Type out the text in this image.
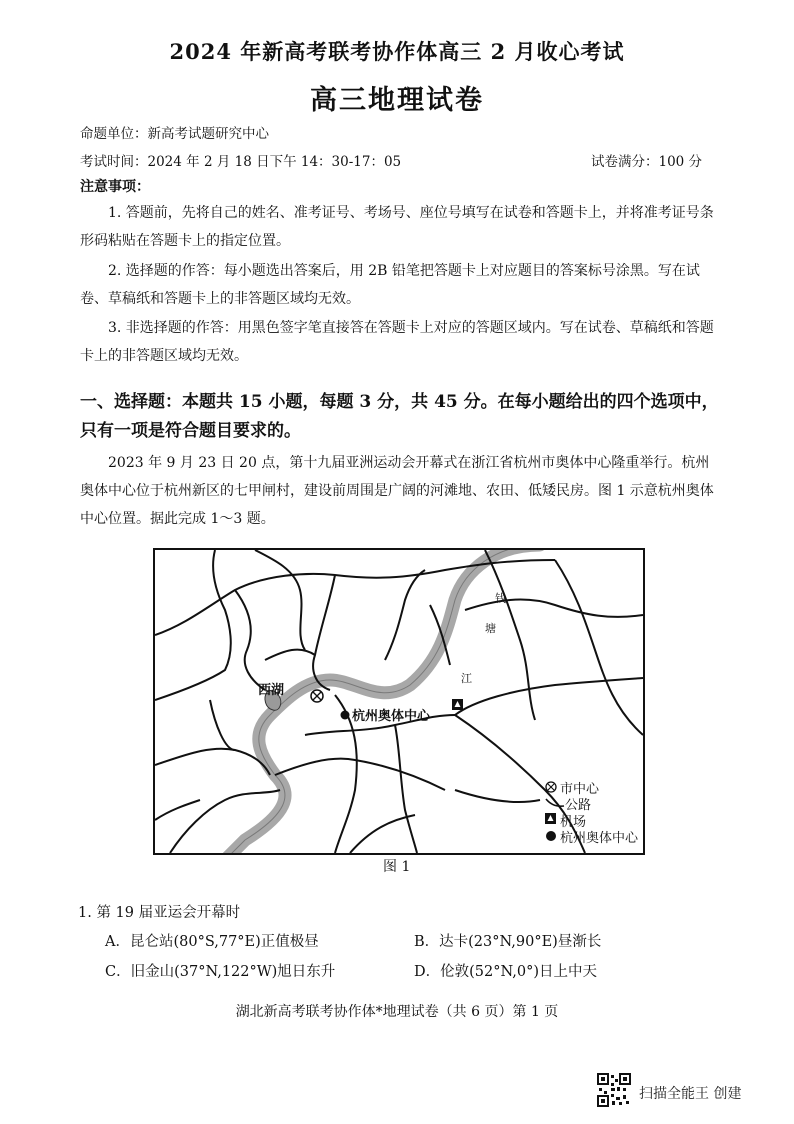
2024 年新高考联考协作体高三 2 月收心考试
高三地理试卷
命题单位：新高考试题研究中心
考试时间：2024 年 2 月 18 日下午 14：30-17：05	试卷满分：100 分
注意事项：
1. 答题前，先将自己的姓名、准考证号、考场号、座位号填写在试卷和答题卡上，并将准考证号条形码粘贴在答题卡上的指定位置。
2. 选择题的作答：每小题选出答案后，用 2B 铅笔把答题卡上对应题目的答案标号涂黑。写在试卷、草稿纸和答题卡上的非答题区域均无效。
3. 非选择题的作答：用黑色签字笔直接答在答题卡上对应的答题区域内。写在试卷、草稿纸和答题卡上的非答题区域均无效。
一、选择题：本题共 15 小题，每题 3 分，共 45 分。在每小题给出的四个选项中，只有一项是符合题目要求的。
2023 年 9 月 23 日 20 点，第十九届亚洲运动会开幕式在浙江省杭州市奥体中心隆重举行。杭州奥体中心位于杭州新区的七甲闸村，建设前周围是广阔的河滩地、农田、低矮民房。图 1 示意杭州奥体中心位置。据此完成 1～3 题。
西湖
杭州奥体中心
钱
塘
江
市中心
公路
机场
杭州奥体中心
图 1
1. 第 19 届亚运会开幕时
A．昆仑站(80°S,77°E)正值极昼	B．达卡(23°N,90°E)昼渐长
C．旧金山(37°N,122°W)旭日东升	D．伦敦(52°N,0°)日上中天
湖北新高考联考协作体*地理试卷（共 6 页）第 1 页
扫描全能王 创建
